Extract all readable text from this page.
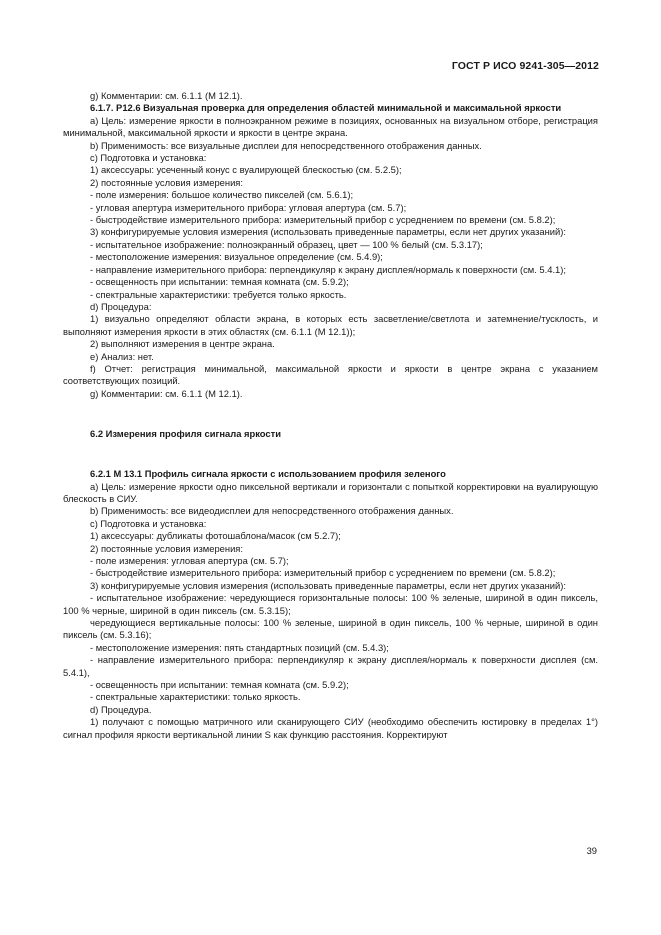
ГОСТ Р ИСО 9241-305—2012

g) Комментарии: см. 6.1.1 (М 12.1).

6.1.7. Р12.6 Визуальная проверка для определения областей минимальной и максимальной яркости

a) Цель: измерение яркости в полноэкранном режиме в позициях, основанных на визуальном отборе, регистрация минимальной, максимальной яркости и яркости в центре экрана.

b) Применимость: все визуальные дисплеи для непосредственного отображения данных.

c) Подготовка и установка:

1) аксессуары: усеченный конус с вуалирующей блескостью (см. 5.2.5);

2) постоянные условия измерения:

- поле измерения: большое количество пикселей (см. 5.6.1);

- угловая апертура измерительного прибора: угловая апертура (см. 5.7);

- быстродействие измерительного прибора: измерительный прибор с усреднением по времени (см. 5.8.2);

3) конфигурируемые условия измерения (использовать приведенные параметры, если нет других указаний):

- испытательное изображение: полноэкранный образец, цвет — 100 % белый (см. 5.3.17);

- местоположение измерения: визуальное определение (см. 5.4.9);

- направление измерительного прибора: перпендикуляр к экрану дисплея/нормаль к поверхности (см. 5.4.1);

- освещенность при испытании: темная комната (см. 5.9.2);

- спектральные характеристики: требуется только яркость.

d) Процедура:

1) визуально определяют области экрана, в которых есть засветление/светлота и затемнение/тусклость, и выполняют измерения яркости в этих областях (см. 6.1.1 (М 12.1));

2) выполняют измерения в центре экрана.

e) Анализ: нет.

f) Отчет: регистрация минимальной, максимальной яркости и яркости в центре экрана с указанием соответствующих позиций.

g) Комментарии: см. 6.1.1 (М 12.1).

6.2 Измерения профиля сигнала яркости

6.2.1 М 13.1 Профиль сигнала яркости с использованием профиля зеленого

a) Цель: измерение яркости одно пиксельной вертикали и горизонтали с попыткой корректировки на вуалирующую блескость в СИУ.

b) Применимость: все видеодисплеи для непосредственного отображения данных.

c) Подготовка и установка:

1) аксессуары: дубликаты фотошаблона/масок (см 5.2.7);

2) постоянные условия измерения:

- поле измерения: угловая апертура (см. 5.7);

- быстродействие измерительного прибора: измерительный прибор с усреднением по времени (см. 5.8.2);

3) конфигурируемые условия измерения (использовать приведенные параметры, если нет других указаний):

- испытательное изображение: чередующиеся горизонтальные полосы: 100 % зеленые, шириной в один пиксель, 100 % черные, шириной в один пиксель (см. 5.3.15);

чередующиеся вертикальные полосы: 100 % зеленые, шириной в один пиксель, 100 % черные, шириной в один пиксель (см. 5.3.16);

- местоположение измерения: пять стандартных позиций (см. 5.4.3);

- направление измерительного прибора: перпендикуляр к экрану дисплея/нормаль к поверхности дисплея (см. 5.4.1),

- освещенность при испытании: темная комната (см. 5.9.2);

- спектральные характеристики: только яркость.

d) Процедура.

1) получают с помощью матричного или сканирующего СИУ (необходимо обеспечить юстировку в пределах 1°) сигнал профиля яркости вертикальной линии S как функцию расстояния. Корректируют

39
